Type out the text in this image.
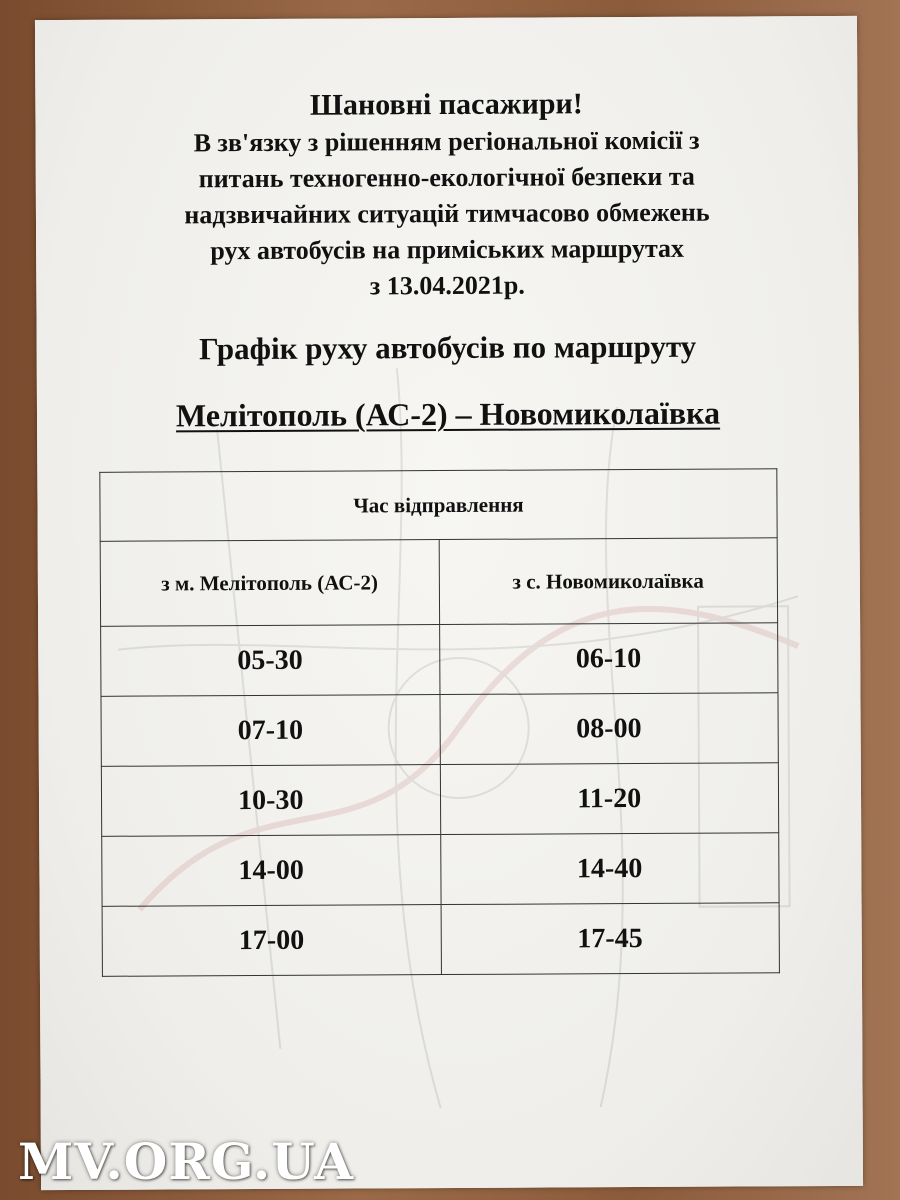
Шановні пасажири!
В зв'язку з рішенням регіональної комісії з
питань техногенно-екологічної безпеки та
надзвичайних ситуацій тимчасово обмежень
рух автобусів на приміських маршрутах
з 13.04.2021р.
Графік руху автобусів по маршруту
Мелітополь (АС-2) – Новомиколаївка
Час відправлення	
з м. Мелітополь (АС-2)	з с. Новомиколаївка
05-30	06-10
07-10	08-00
10-30	11-20
14-00	14-40
17-00	17-45
MV.ORG.UA
